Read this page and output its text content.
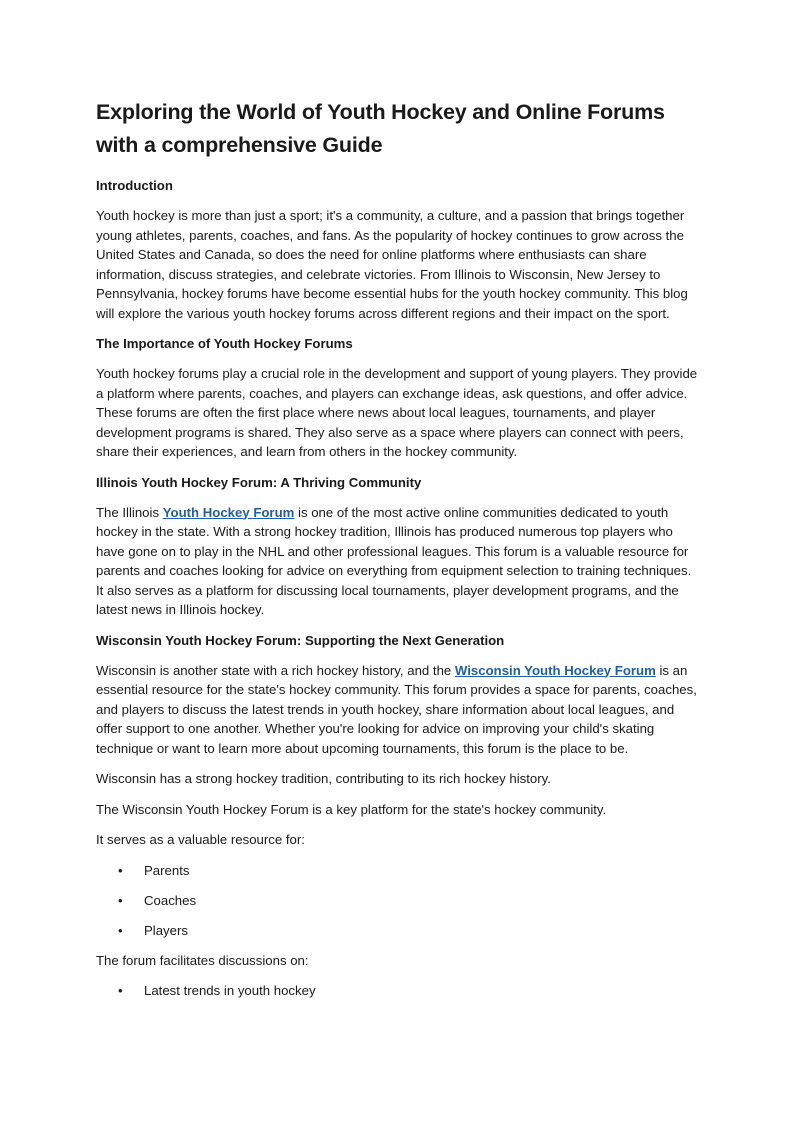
Exploring the World of Youth Hockey and Online Forums with a comprehensive Guide
Introduction

Youth hockey is more than just a sport; it's a community, a culture, and a passion that brings together young athletes, parents, coaches, and fans. As the popularity of hockey continues to grow across the United States and Canada, so does the need for online platforms where enthusiasts can share information, discuss strategies, and celebrate victories. From Illinois to Wisconsin, New Jersey to Pennsylvania, hockey forums have become essential hubs for the youth hockey community. This blog will explore the various youth hockey forums across different regions and their impact on the sport.

The Importance of Youth Hockey Forums

Youth hockey forums play a crucial role in the development and support of young players. They provide a platform where parents, coaches, and players can exchange ideas, ask questions, and offer advice. These forums are often the first place where news about local leagues, tournaments, and player development programs is shared. They also serve as a space where players can connect with peers, share their experiences, and learn from others in the hockey community.

Illinois Youth Hockey Forum: A Thriving Community

The Illinois Youth Hockey Forum is one of the most active online communities dedicated to youth hockey in the state. With a strong hockey tradition, Illinois has produced numerous top players who have gone on to play in the NHL and other professional leagues. This forum is a valuable resource for parents and coaches looking for advice on everything from equipment selection to training techniques. It also serves as a platform for discussing local tournaments, player development programs, and the latest news in Illinois hockey.

Wisconsin Youth Hockey Forum: Supporting the Next Generation

Wisconsin is another state with a rich hockey history, and the Wisconsin Youth Hockey Forum is an essential resource for the state's hockey community. This forum provides a space for parents, coaches, and players to discuss the latest trends in youth hockey, share information about local leagues, and offer support to one another. Whether you're looking for advice on improving your child's skating technique or want to learn more about upcoming tournaments, this forum is the place to be.

Wisconsin has a strong hockey tradition, contributing to its rich hockey history.

The Wisconsin Youth Hockey Forum is a key platform for the state's hockey community.

It serves as a valuable resource for:

• Parents
• Coaches
• Players

The forum facilitates discussions on:

• Latest trends in youth hockey
